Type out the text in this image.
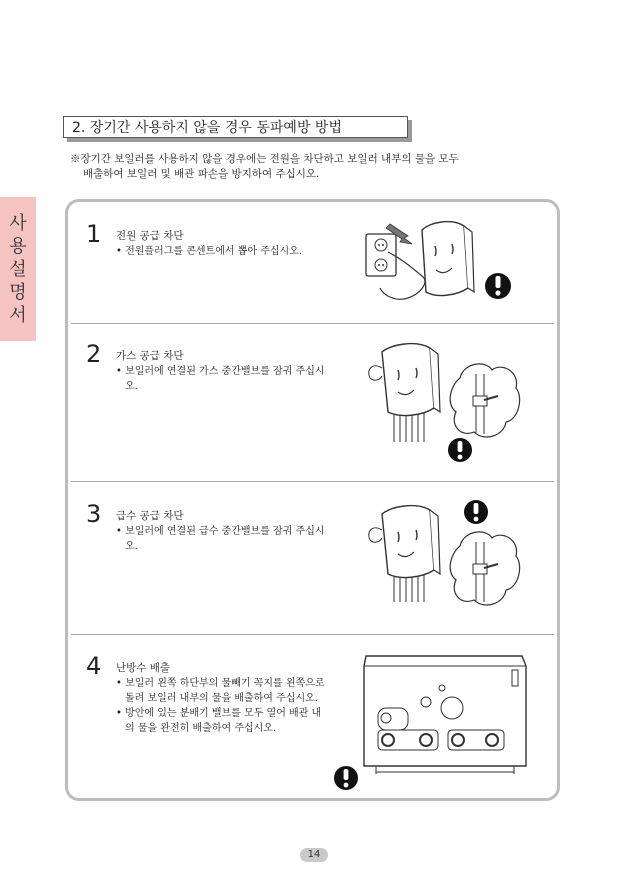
2. 장기간 사용하지 않을 경우 동파예방 방법
※장기간 보일러를 사용하지 않을 경우에는 전원을 차단하고 보일러 내부의 물을 모두
배출하여 보일러 및 배관 파손을 방지하여 주십시오.
사
용
설
명
서
1 전원 공급 차단
• 전원플러그를 콘센트에서 뽑아 주십시오.
2 가스 공급 차단
• 보일러에 연결된 가스 중간밸브를 잠궈 주십시오.
3 급수 공급 차단
• 보일러에 연결된 급수 중간밸브를 잠궈 주십시오.
4 난방수 배출
• 보일러 왼쪽 하단부의 물빼기 꼭지를 왼쪽으로 돌려 보일러 내부의 물을 배출하여 주십시오.
• 방안에 있는 분배기 밸브를 모두 열어 배관 내의 물을 완전히 배출하여 주십시오.
14
